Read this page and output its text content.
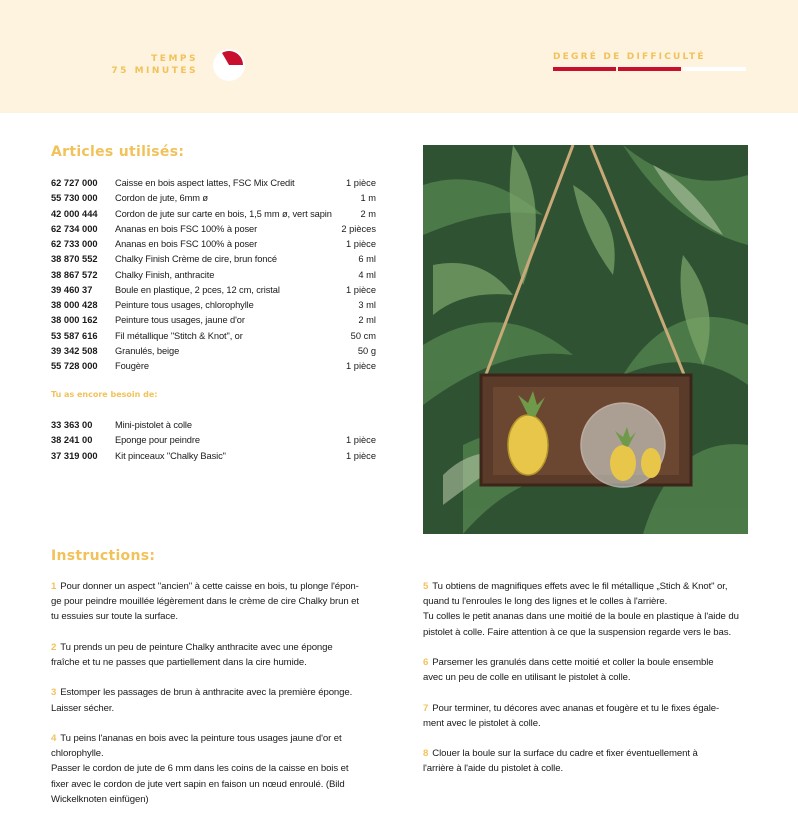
TEMPS
75 MINUTES
DEGRÉ DE DIFFICULTÉ
Articles utilisés:
62 727 000 Caisse en bois aspect lattes, FSC Mix Credit	1 pièce
55 730 000 Cordon de jute, 6mm ø	1 m
42 000 444 Cordon de jute sur carte en bois, 1,5 mm ø, vert sapin	2 m
62 734 000 Ananas en bois FSC 100% à poser	2 pièces
62 733 000 Ananas en bois FSC 100% à poser	1 pièce
38 870 552 Chalky Finish Crème de cire, brun foncé	6 ml
38 867 572 Chalky Finish, anthracite	4 ml
39 460 37 Boule en plastique, 2 pces, 12 cm, cristal	1 pièce
38 000 428 Peinture tous usages, chlorophylle	3 ml
38 000 162 Peinture tous usages, jaune d'or	2 ml
53 587 616 Fil métallique "Stitch & Knot", or	50 cm
39 342 508 Granulés, beige	50 g
55 728 000 Fougère	1 pièce
Tu as encore besoin de:
33 363 00 Mini-pistolet à colle
38 241 00 Eponge pour peindre	1 pièce
37 319 000 Kit pinceaux "Chalky Basic"	1 pièce
Instructions:

1 Pour donner un aspect "ancien" à cette caisse en bois, tu plonge l'épon-
ge pour peindre mouillée légèrement dans le crème de cire Chalky brun et
tu essuies sur toute la surface.

2 Tu prends un peu de peinture Chalky anthracite avec une éponge
fraîche et tu ne passes que partiellement dans la cire humide.

3 Estomper les passages de brun à anthracite avec la première éponge.
Laisser sécher.

4 Tu peins l'ananas en bois avec la peinture tous usages jaune d'or et
chlorophylle.
Passer le cordon de jute de 6 mm dans les coins de la caisse en bois et
fixer avec le cordon de jute vert sapin en faison un nœud enroulé. (Bild
Wickelknoten einfügen)

5 Tu obtiens de magnifiques effets avec le fil métallique „Stich & Knot" or,
quand tu l'enroules le long des lignes et le colles à l'arrière.
Tu colles le petit ananas dans une moitié de la boule en plastique à l'aide du
pistolet à colle. Faire attention à ce que la suspension regarde vers le bas.

6 Parsemer les granulés dans cette moitié et coller la boule ensemble
avec un peu de colle en utilisant le pistolet à colle.

7 Pour terminer, tu décores avec ananas et fougère et tu le fixes égale-
ment avec le pistolet à colle.

8 Clouer la boule sur la surface du cadre et fixer éventuellement à
l'arrière à l'aide du pistolet à colle.
